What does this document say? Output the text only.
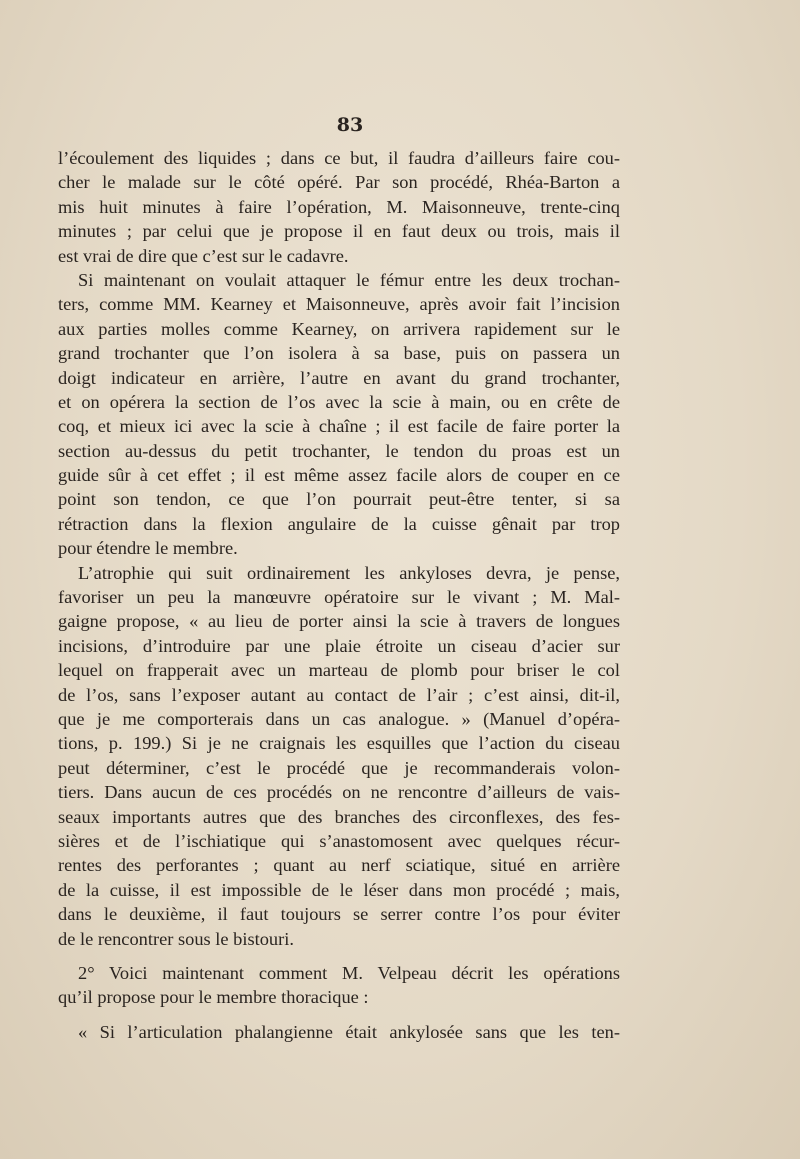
83
l’écoulement des liquides ; dans ce but, il faudra d’ailleurs faire cou-
cher le malade sur le côté opéré. Par son procédé, Rhéa-Barton a
mis huit minutes à faire l’opération, M. Maisonneuve, trente-cinq
minutes ; par celui que je propose il en faut deux ou trois, mais il
est vrai de dire que c’est sur le cadavre.
Si maintenant on voulait attaquer le fémur entre les deux trochan-
ters, comme MM. Kearney et Maisonneuve, après avoir fait l’incision
aux parties molles comme Kearney, on arrivera rapidement sur le
grand trochanter que l’on isolera à sa base, puis on passera un
doigt indicateur en arrière, l’autre en avant du grand trochanter,
et on opérera la section de l’os avec la scie à main, ou en crête de
coq, et mieux ici avec la scie à chaîne ; il est facile de faire porter la
section au-dessus du petit trochanter, le tendon du proas est un
guide sûr à cet effet ; il est même assez facile alors de couper en ce
point son tendon, ce que l’on pourrait peut-être tenter, si sa
rétraction dans la flexion angulaire de la cuisse gênait par trop
pour étendre le membre.
L’atrophie qui suit ordinairement les ankyloses devra, je pense,
favoriser un peu la manœuvre opératoire sur le vivant ; M. Mal-
gaigne propose, « au lieu de porter ainsi la scie à travers de longues
incisions, d’introduire par une plaie étroite un ciseau d’acier sur
lequel on frapperait avec un marteau de plomb pour briser le col
de l’os, sans l’exposer autant au contact de l’air ; c’est ainsi, dit-il,
que je me comporterais dans un cas analogue. » (Manuel d’opéra-
tions, p. 199.) Si je ne craignais les esquilles que l’action du ciseau
peut déterminer, c’est le procédé que je recommanderais volon-
tiers. Dans aucun de ces procédés on ne rencontre d’ailleurs de vais-
seaux importants autres que des branches des circonflexes, des fes-
sières et de l’ischiatique qui s’anastomosent avec quelques récur-
rentes des perforantes ; quant au nerf sciatique, situé en arrière
de la cuisse, il est impossible de le léser dans mon procédé ; mais,
dans le deuxième, il faut toujours se serrer contre l’os pour éviter
de le rencontrer sous le bistouri.
2° Voici maintenant comment M. Velpeau décrit les opérations
qu’il propose pour le membre thoracique :
« Si l’articulation phalangienne était ankylosée sans que les ten-
